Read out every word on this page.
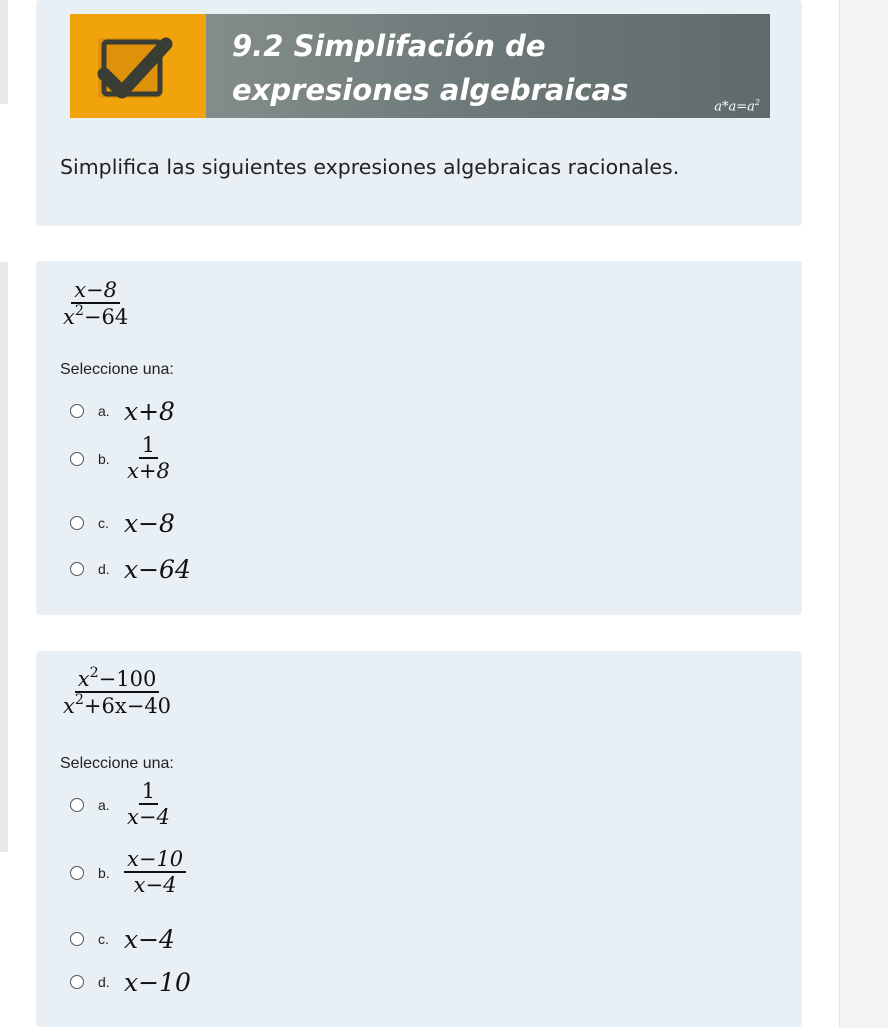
9.2 Simplifación de expresiones algebraicas	$a*a=a^2$
Simplifica las siguientes expresiones algebraicas racionales.
$\frac{x-8}{x^2-64}$
Seleccione una:
a. x+8
b. $\frac{1}{x+8}$
c. x−8
d. x−64
$\frac{x^2-100}{x^2+6x-40}$
Seleccione una:
a. $\frac{1}{x-4}$
b. $\frac{x-10}{x-4}$
c. x−4
d. x−10
